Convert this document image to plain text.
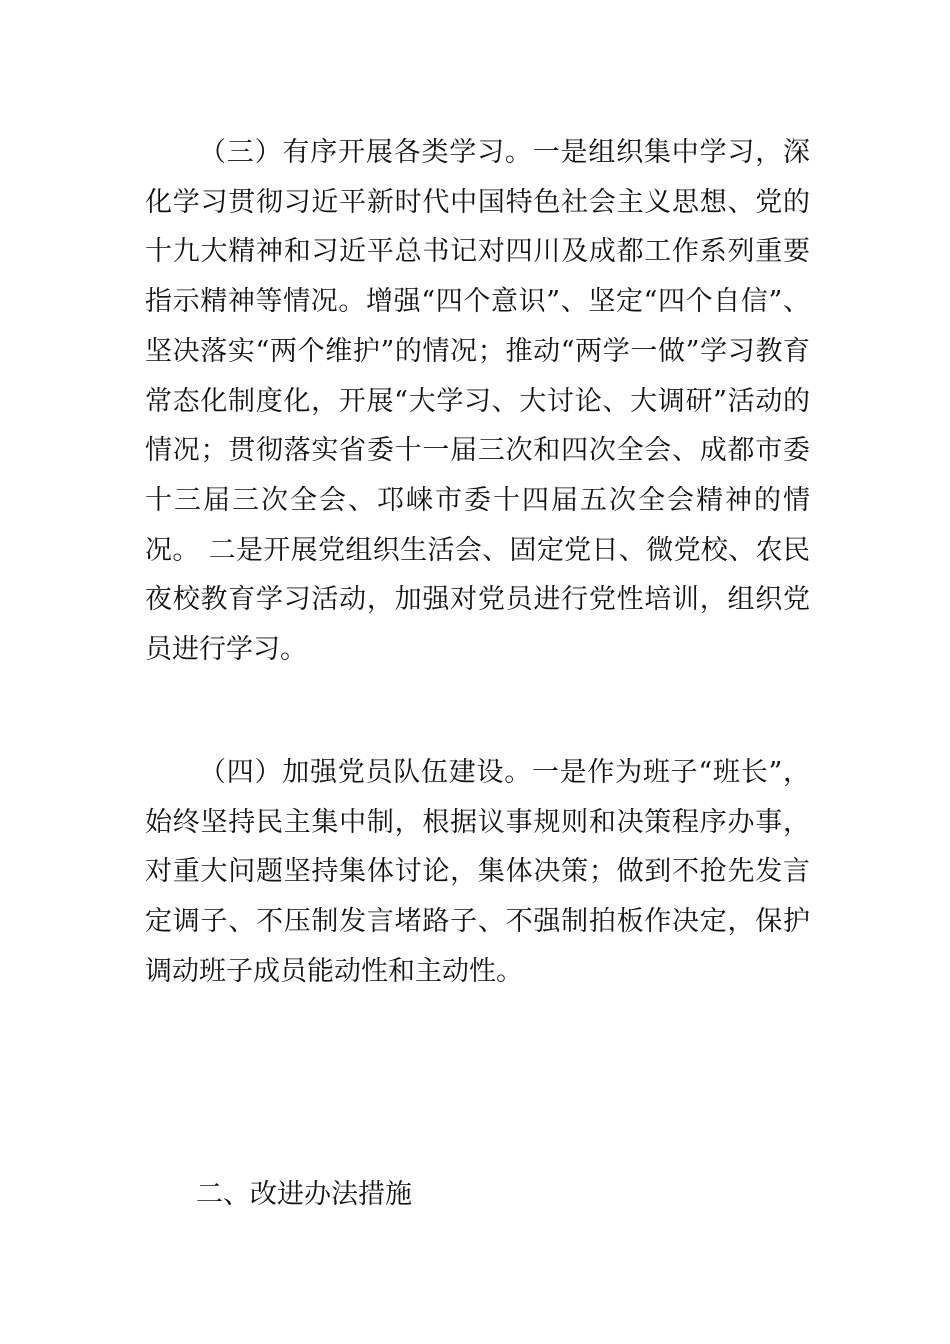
（三）有序开展各类学习。一是组织集中学习，深化学习贯彻习近平新时代中国特色社会主义思想、党的十九大精神和习近平总书记对四川及成都工作系列重要指示精神等情况。增强“四个意识”、坚定“四个自信”、坚决落实“两个维护”的情况；推动“两学一做”学习教育常态化制度化，开展“大学习、大讨论、大调研”活动的情况；贯彻落实省委十一届三次和四次全会、成都市委十三届三次全会、邛崃市委十四届五次全会精神的情况。 二是开展党组织生活会、固定党日、微党校、农民夜校教育学习活动，加强对党员进行党性培训，组织党员进行学习。

（四）加强党员队伍建设。一是作为班子“班长”，始终坚持民主集中制，根据议事规则和决策程序办事，对重大问题坚持集体讨论，集体决策；做到不抢先发言定调子、不压制发言堵路子、不强制拍板作决定，保护调动班子成员能动性和主动性。

二、改进办法措施
